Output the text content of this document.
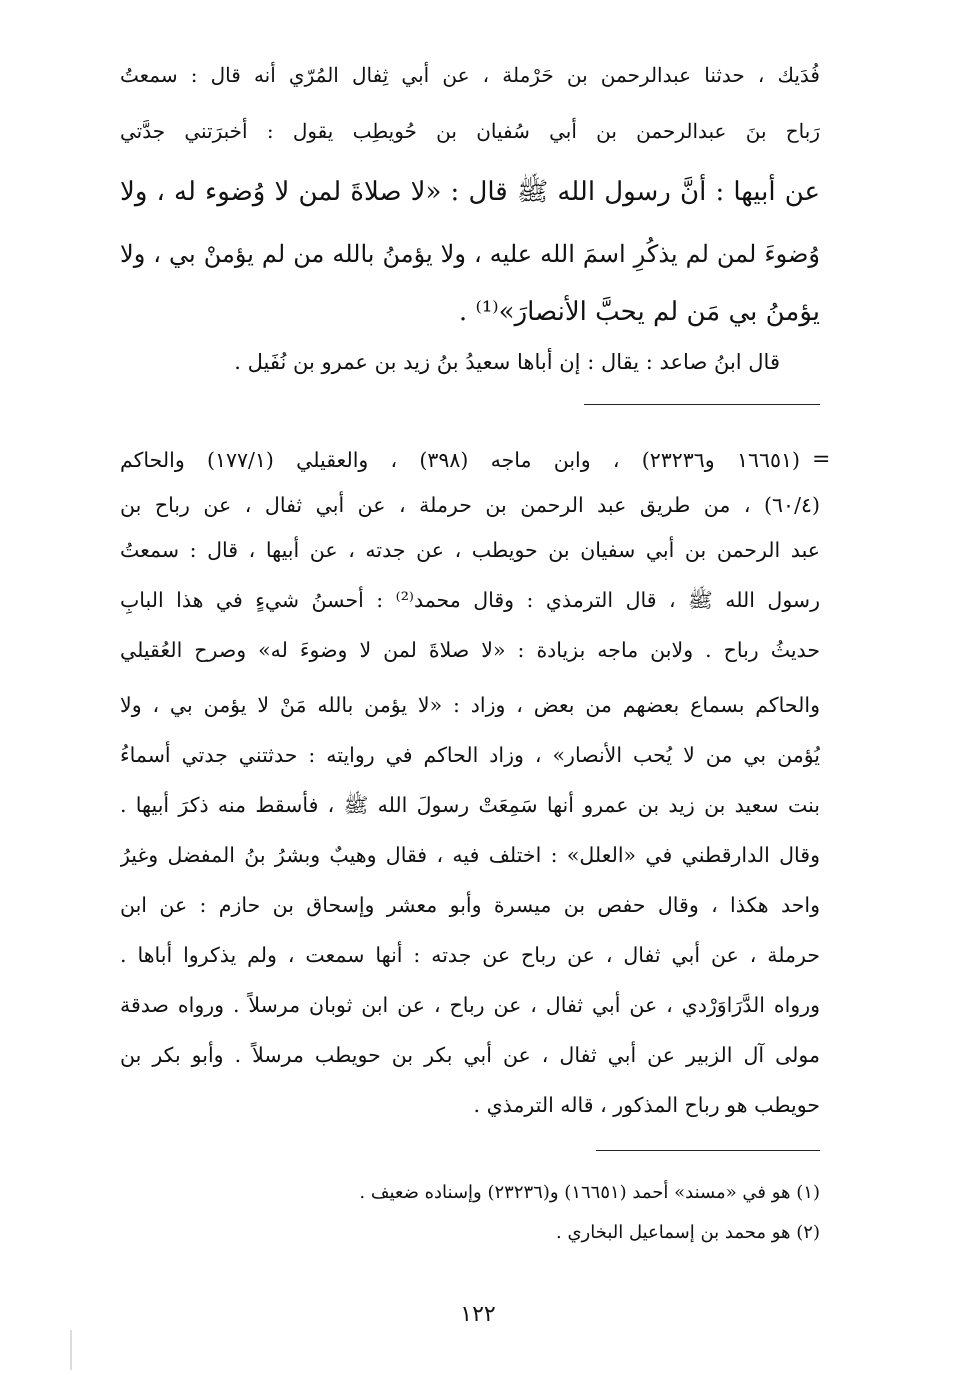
فُدَيك ، حدثنا عبدالرحمن بن حَرْملة ، عن أبي ثِفال المُرّي أنه قال : سمعتُ

رَباح بنَ عبدالرحمن بن أبي سُفيان بن حُويطِب يقول : أخبرَتني جدَّتي

عن أبيها : أنَّ رسول الله ﷺ قال : «لا صلاةَ لمن لا وُضوء له ، ولا

وُضوءَ لمن لم يذكُرِ اسمَ الله عليه ، ولا يؤمنُ بالله من لم يؤمنْ بي ، ولا

يؤمنُ بي مَن لم يحبَّ الأنصارَ»⁽¹⁾ .

قال ابنُ صاعد : يقال : إن أباها سعيدُ بنُ زيد بن عمرو بن نُفَيل .

=

(١٦٦٥١ و٢٣٢٣٦) ، وابن ماجه (٣٩٨) ، والعقيلي (١٧٧/١) والحاكم

(٦٠/٤) ، من طريق عبد الرحمن بن حرملة ، عن أبي ثفال ، عن رباح بن

عبد الرحمن بن أبي سفيان بن حويطب ، عن جدته ، عن أبيها ، قال : سمعتُ

رسول الله ﷺ ، قال الترمذي : وقال محمد⁽²⁾ : أحسنُ شيءٍ في هذا البابِ

حديثُ رباح . ولابن ماجه بزيادة : «لا صلاةَ لمن لا وضوءَ له» وصرح العُقيلي

والحاكم بسماع بعضهم من بعض ، وزاد : «لا يؤمن بالله مَنْ لا يؤمن بي ، ولا

يُؤمن بي من لا يُحب الأنصار» ، وزاد الحاكم في روايته : حدثتني جدتي أسماءُ

بنت سعيد بن زيد بن عمرو أنها سَمِعَتْ رسولَ الله ﷺ ، فأسقط منه ذكرَ أبيها .

وقال الدارقطني في «العلل» : اختلف فيه ، فقال وهيبٌ وبشرُ بنُ المفضل وغيرُ

واحد هكذا ، وقال حفص بن ميسرة وأبو معشر وإسحاق بن حازم : عن ابن

حرملة ، عن أبي ثفال ، عن رباح عن جدته : أنها سمعت ، ولم يذكروا أباها .

ورواه الدَّرَاوَرْدي ، عن أبي ثفال ، عن رباح ، عن ابن ثوبان مرسلاً . ورواه صدقة

مولى آل الزبير عن أبي ثفال ، عن أبي بكر بن حويطب مرسلاً . وأبو بكر بن

حويطب هو رباح المذكور ، قاله الترمذي .

(١) هو في «مسند» أحمد (١٦٦٥١) و(٢٣٢٣٦) وإسناده ضعيف .

(٢) هو محمد بن إسماعيل البخاري .

١٢٢
